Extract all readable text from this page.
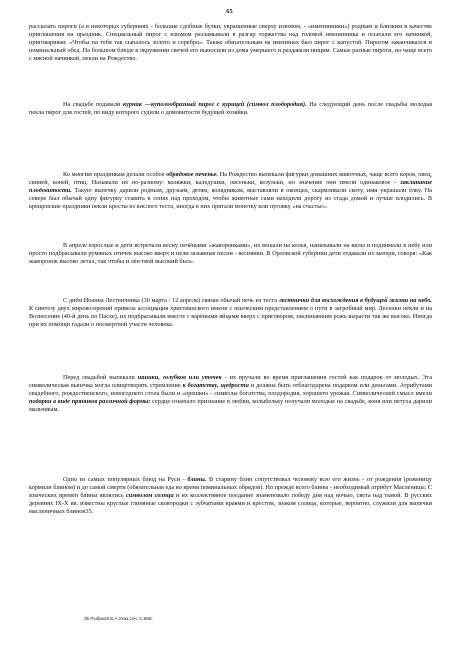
65

рассылать пироги (а в некоторых губерниях - большие сдобные булки, украшенные сверху изюмом, - «именинники») родным и близким в качестве приглашения на праздник. Специальный пирог с изюмом разламывали в разгар торжества над головой именинника и осыпали его начинкой, приговаривая: «Чтобы на тебя так сыпалось золото и серебро». Также обязательным на именинах был пирог с капустой. Пирогом заканчивался и поминальный обед. На большом блюде в окружении свечей его выносили из дома умершего и раздавали нищим. Самые разные пироги, но чаще всего с мясной начинкой, пекли на Рождество.

На свадьбе подавали курник —куполообразный пирог с курицей (символ плодородия). На следующий день после свадьбы молодая пекла пирог для гостей, по виду которого судили о домовитости будущей хозяйки.

Ко многим праздникам делали особое обрядовое печенье. На Рождество выпекали фигурки домашних животных, чаще всего коров, овец, свиней, коней, птиц. Называли их по-разному: коляжки, каледушки, овсеньки, козульки, но значение они имели одинаковое - заклинание плодовитости. Такую выпечку дарили родным, друзьям, детям, колядникам, выставляли в оконцах, скармливали скоту, ими украшали ёлку. На севере был обычай одну фигурку ставить в сенях над проходом, чтобы животные сами находили дорогу из стада домой и лучше плодились. В крещенские праздники пекли кресты из кислого теста, иногда в них прятали монетку или пуговку «на счастье».

В апреле взрослые и дети встречали весну печёными «жаворонками», их вешали на колья, нанизывали на вилы и поднимали к небу или просто подбрасывали румяных птичек высоко вверх и пели зазывные песни - веснянки. В Орловской губернии дети отдавали их матери, говоря: «Как жаворонок высоко летал, так чтобы и лён твой высокий был».

С днём Иоанна Лествичника (30 марта / 12 апреля) связан обычай печь из теста лестнички для восхождения в будущей жизни на небо. К синтезу двух мировоззрений привела ассоциация христианского имени с языческим представлением о пути в загробный мир. Лесенки пекли и на Вознесение (40-й день по Пасхе), их подбрасывали вместе с варёными яйцами вверх с приговором, заклинавшим рожь вырасти так же высоко. Иногда при их помощи гадали о посмертной участи человека.

Перед свадьбой выпекали шишки, голубков или уточек - их вручали во время приглашения гостей как подарок от молодых. Эта символическая выпечка могла олицетворять стремление к богатству, щедрости и должна быть отблагодарена подарком или деньгами. Атрибутами свадебного, рождественского, новогоднего стола были и «орешки» - символы богатства, плодородия, хорошего урожая. Символический смысл имели подарки в виде пряников различной формы: сердце означало признание в любви, колыбельку получали молодые на свадьбе, коня или петуха дарили мальчикам.

Одно из самых популярных блюд на Руси - блины. В старину блин сопутствовал человеку всю его жизнь - от рождения (роженицу кормили блином) и до самой смерти (обязательная еда во время поминальных обрядов). Но прежде всего блины - необходимый атрибут Масленицы. С языческих времён блины являлись символом солнца и их коллективное поедание знаменовало победу дня над ночью, света над тьмой. В русских деревнях IX-X вв. известны круглые глиняные сковородки с зубчатыми краями и крестом, знаком солнца, которые, вероятно, служили для выпечки масленичных блинов35.

35 Рыбаков Б.А.Указ.соч. С.668.
